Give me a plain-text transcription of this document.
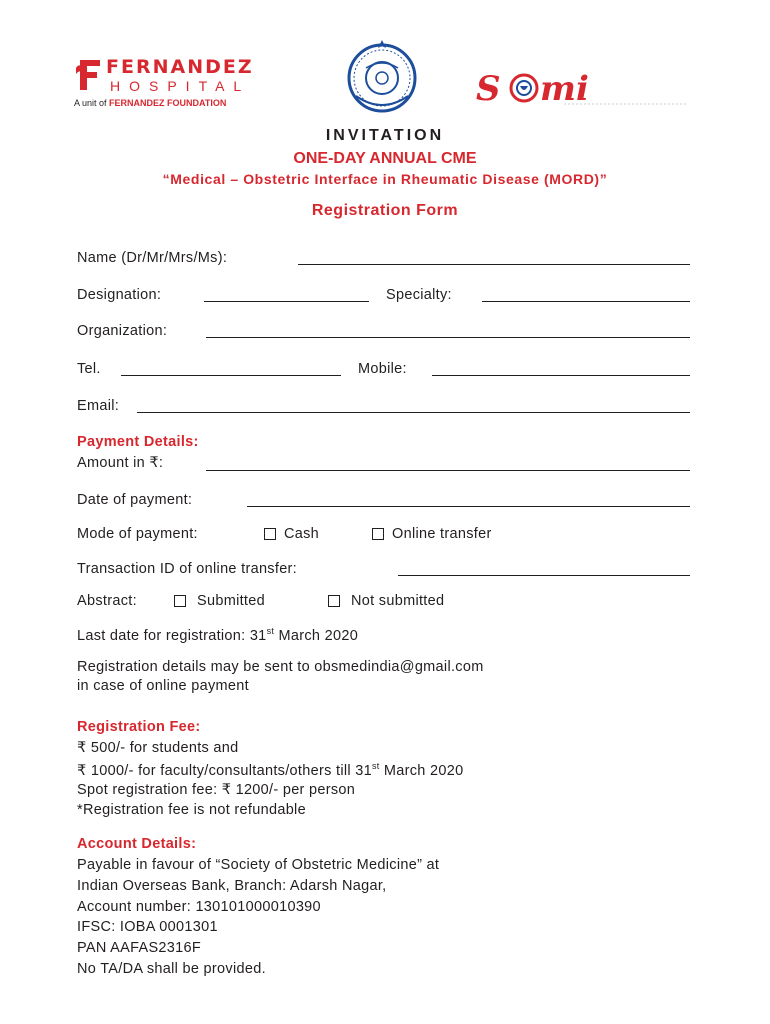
FERNANDEZ
HOSPITAL
A unit of FERNANDEZ FOUNDATION	S mi
INVITATION
ONE-DAY ANNUAL CME
“Medical – Obstetric Interface in Rheumatic Disease (MORD)”
Registration Form
Name (Dr/Mr/Mrs/Ms):
Designation:	Specialty:
Organization:
Tel.	Mobile:
Email:
Payment Details:
Amount in ₹:
Date of payment:
Mode of payment:	Cash	Online transfer
Transaction ID of online transfer:
Abstract:	Submitted	Not submitted
Last date for registration: 31st March 2020
Registration details may be sent to obsmedindia@gmail.com
in case of online payment
Registration Fee:
₹ 500/- for students and
₹ 1000/- for faculty/consultants/others till 31st March 2020
Spot registration fee: ₹ 1200/- per person
*Registration fee is not refundable
Account Details:
Payable in favour of “Society of Obstetric Medicine” at
Indian Overseas Bank, Branch: Adarsh Nagar,
Account number: 130101000010390
IFSC: IOBA 0001301
PAN AAFAS2316F
No TA/DA shall be provided.
